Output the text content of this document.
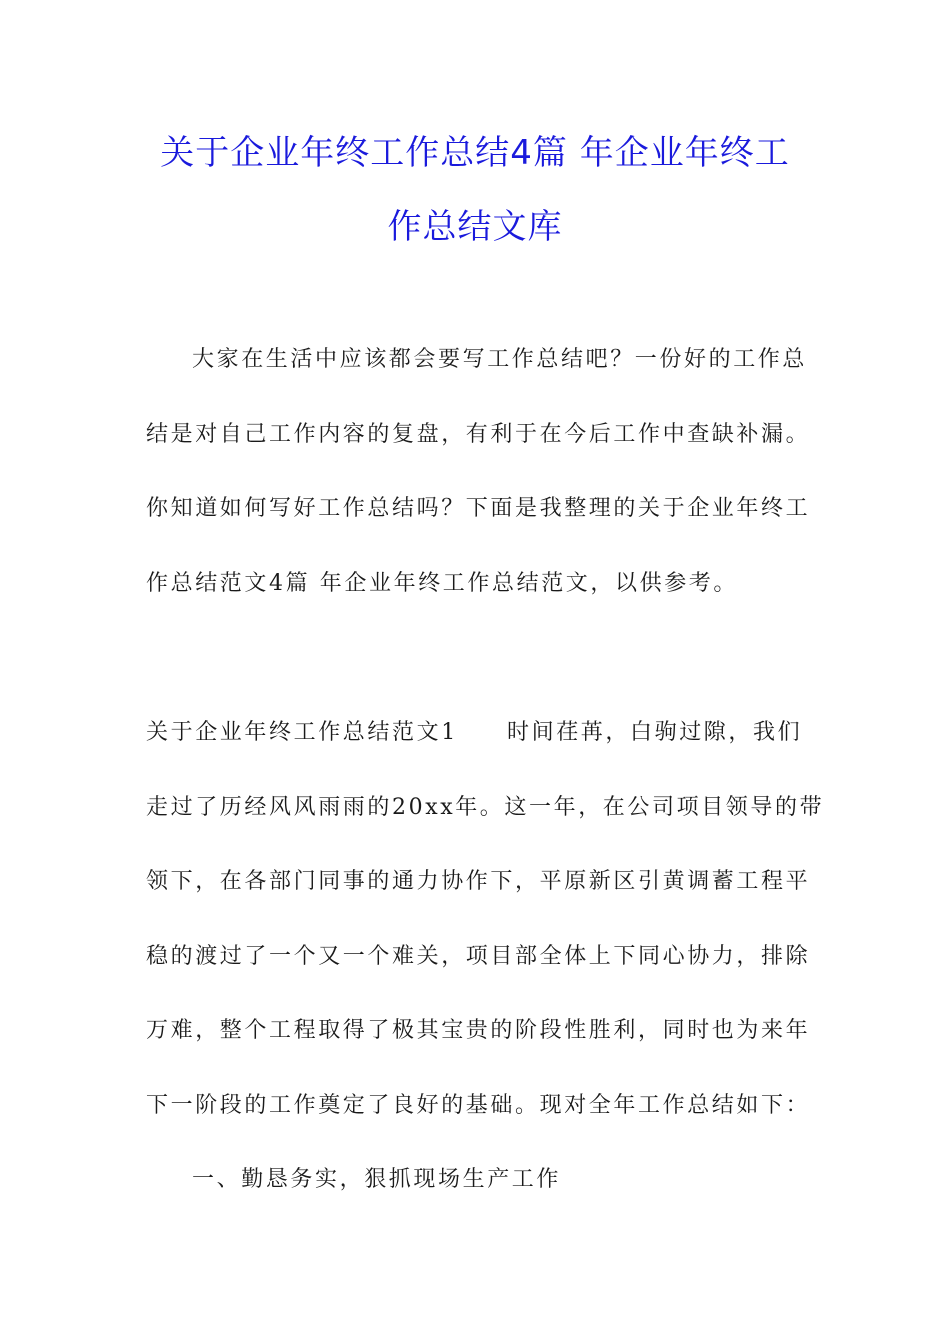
关于企业年终工作总结4篇 年企业年终工
作总结文库
大家在生活中应该都会要写工作总结吧？一份好的工作总
结是对自己工作内容的复盘，有利于在今后工作中查缺补漏。
你知道如何写好工作总结吗？下面是我整理的关于企业年终工
作总结范文4篇 年企业年终工作总结范文，以供参考。
关于企业年终工作总结范文1　　时间荏苒，白驹过隙，我们
走过了历经风风雨雨的20xx年。这一年，在公司项目领导的带
领下，在各部门同事的通力协作下，平原新区引黄调蓄工程平
稳的渡过了一个又一个难关，项目部全体上下同心协力，排除
万难，整个工程取得了极其宝贵的阶段性胜利，同时也为来年
下一阶段的工作奠定了良好的基础。现对全年工作总结如下：
一、勤恳务实，狠抓现场生产工作
